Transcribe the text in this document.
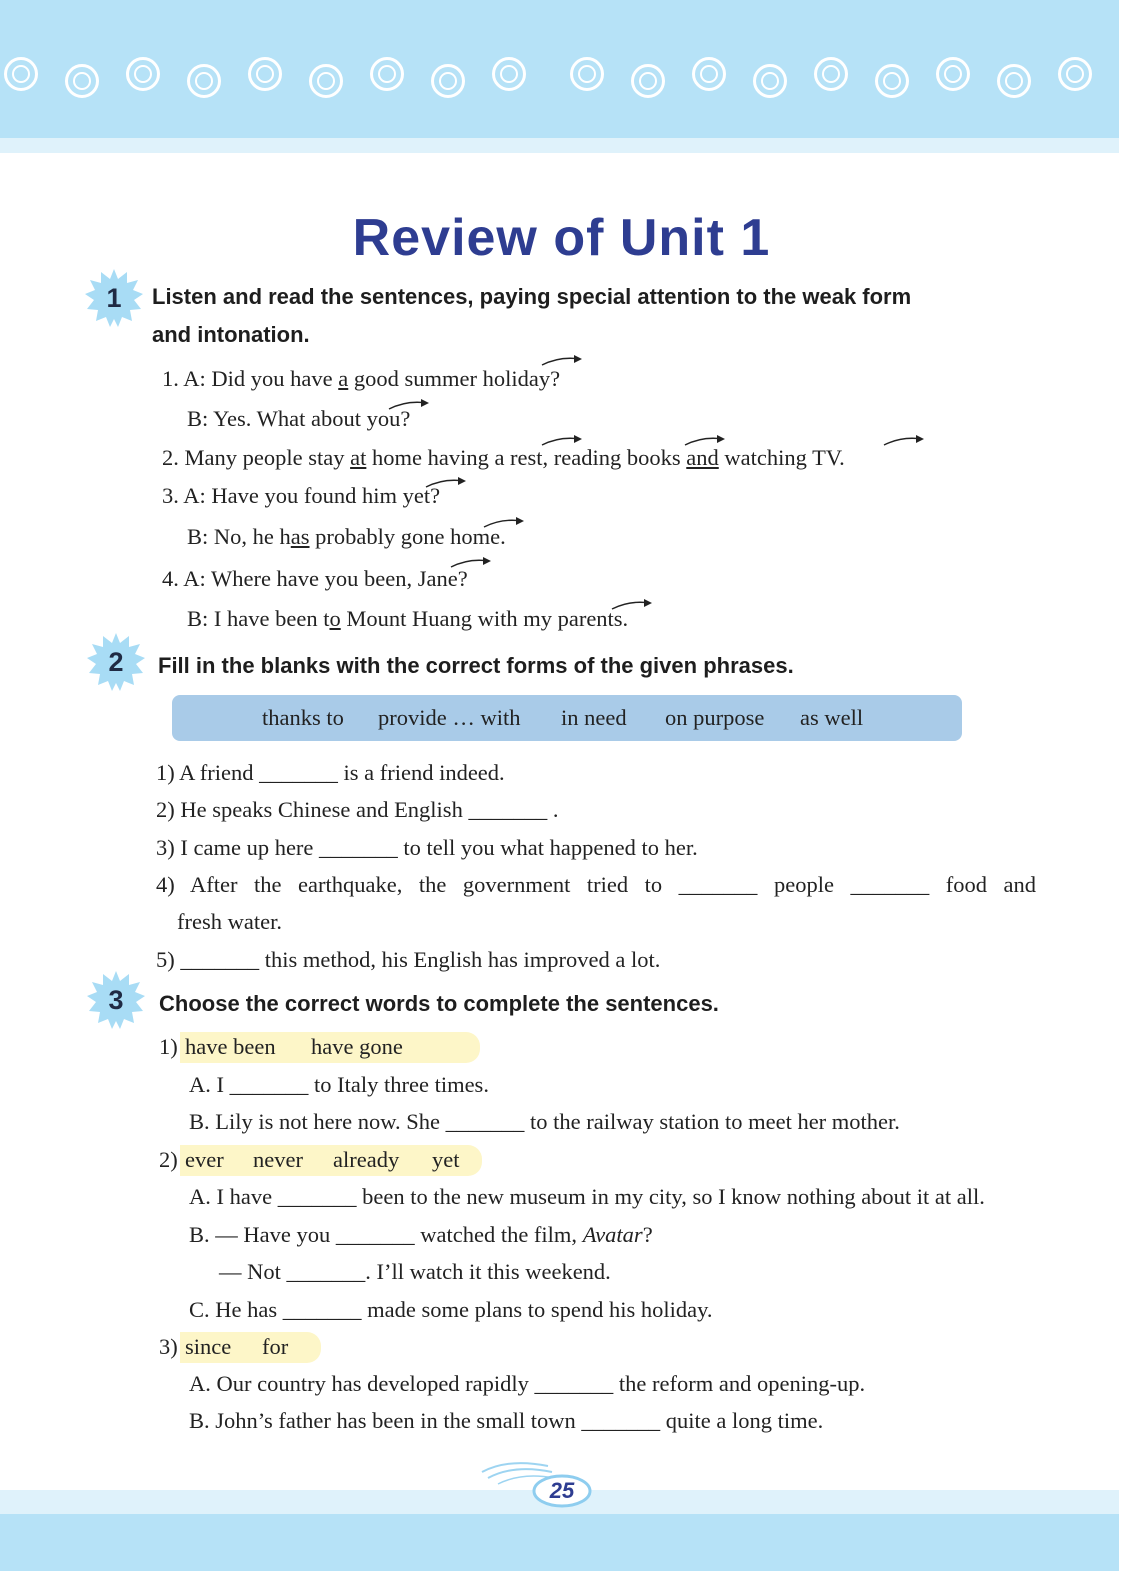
Review of Unit 1
1	Listen and read the sentences, paying special attention to the weak form
and intonation.

1. A: Did you have a good summer holiday?
B: Yes. What about you?
2. Many people stay at home having a rest, reading books and watching TV.
3. A: Have you found him yet?
B: No, he has probably gone home.
4. A: Where have you been, Jane?
B: I have been to Mount Huang with my parents.
2	Fill in the blanks with the correct forms of the given phrases.

thanks to provide … with in need on purpose as well
1) A friend _______ is a friend indeed.
2) He speaks Chinese and English _______ .
3) I came up here _______ to tell you what happened to her.
4) After the earthquake, the government tried to _______ people _______ food and
fresh water.
5) _______ this method, his English has improved a lot.
3	Choose the correct words to complete the sentences.

1) have been have gone
A. I _______ to Italy three times.
B. Lily is not here now. She _______ to the railway station to meet her mother.
2) ever never already yet
A. I have _______ been to the new museum in my city, so I know nothing about it at all.
B. — Have you _______ watched the film, Avatar?
— Not _______. I’ll watch it this weekend.
C. He has _______ made some plans to spend his holiday.
3) since for
A. Our country has developed rapidly _______ the reform and opening-up.
B. John’s father has been in the small town _______ quite a long time.
25
